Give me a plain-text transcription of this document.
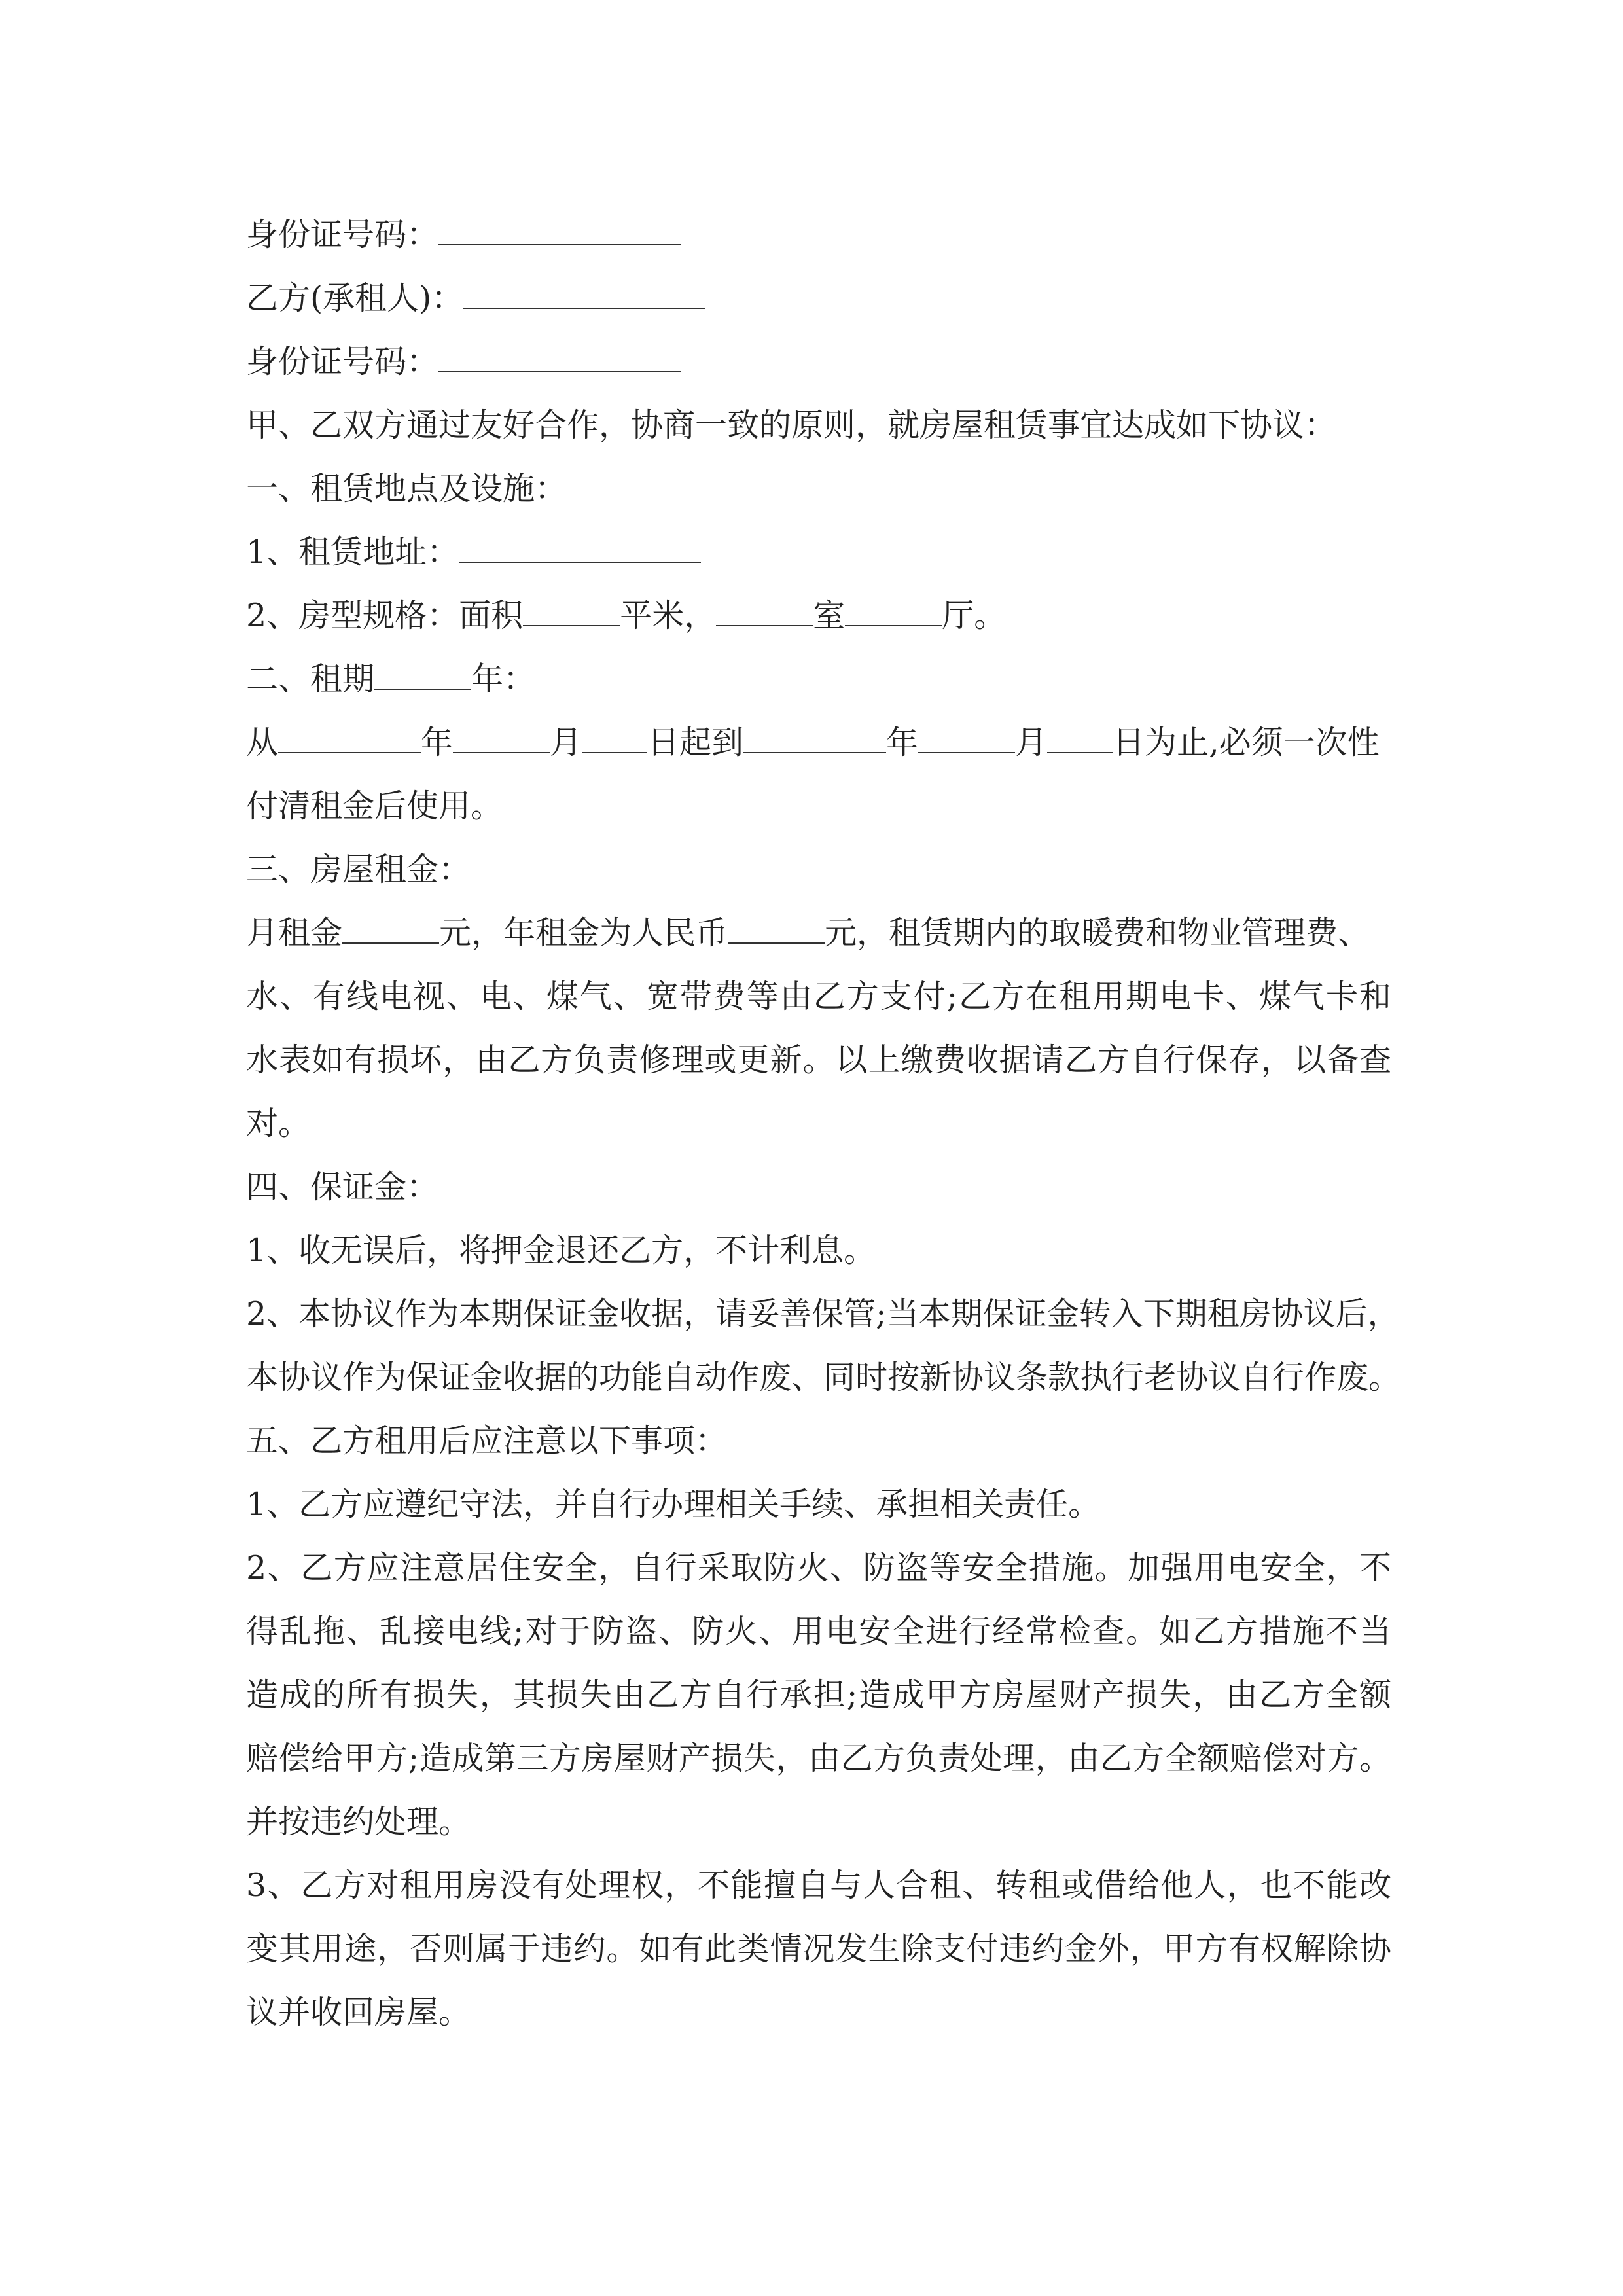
身份证号码：
乙方(承租人)：
身份证号码：
甲、乙双方通过友好合作，协商一致的原则，就房屋租赁事宜达成如下协议：
一、租赁地点及设施：
1、租赁地址：
2、房型规格：面积	平米，	室	厅。
二、租期	年：
从	年	月 日起到	年	月 日为止,必须一次性
付清租金后使用。
三、房屋租金：
月租金	元，年租金为人民币	元，租赁期内的取暖费和物业管理费、
水、有线电视、电、煤气、宽带费等由乙方支付;乙方在租用期电卡、煤气卡和
水表如有损坏，由乙方负责修理或更新。以上缴费收据请乙方自行保存，以备查
对。
四、保证金：
1、收无误后，将押金退还乙方，不计利息。
2、本协议作为本期保证金收据，请妥善保管;当本期保证金转入下期租房协议后，
本协议作为保证金收据的功能自动作废、同时按新协议条款执行老协议自行作废。
五、乙方租用后应注意以下事项：
1、乙方应遵纪守法，并自行办理相关手续、承担相关责任。
2、乙方应注意居住安全，自行采取防火、防盗等安全措施。加强用电安全，不
得乱拖、乱接电线;对于防盗、防火、用电安全进行经常检查。如乙方措施不当
造成的所有损失，其损失由乙方自行承担;造成甲方房屋财产损失，由乙方全额
赔偿给甲方;造成第三方房屋财产损失，由乙方负责处理，由乙方全额赔偿对方。
并按违约处理。
3、乙方对租用房没有处理权，不能擅自与人合租、转租或借给他人，也不能改
变其用途，否则属于违约。如有此类情况发生除支付违约金外，甲方有权解除协
议并收回房屋。
